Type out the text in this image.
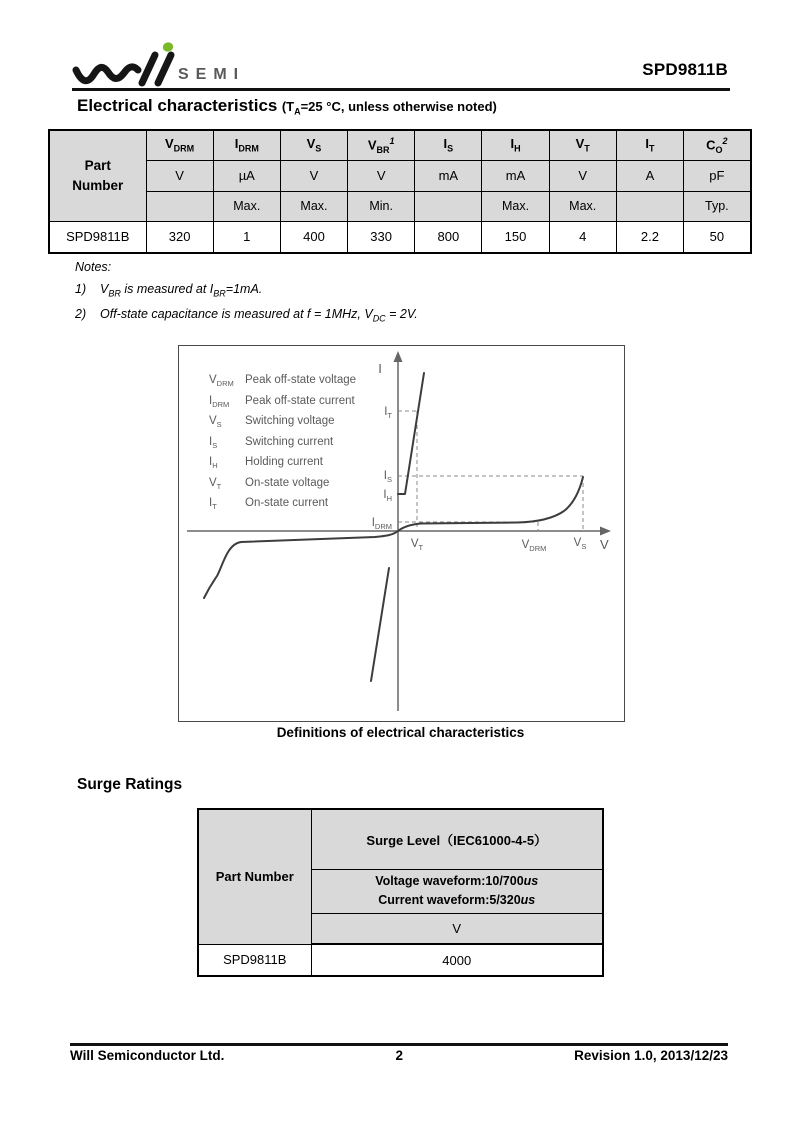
SEMI	SPD9811B
Electrical characteristics ($T_A=25$ °C, unless otherwise noted)
Part Number	$V_{DRM}$	$I_{DRM}$	$V_S$	$V_{BR}^1$	$I_S$	$I_H$	$V_T$	$I_T$	$C_O^2$
	V	µA	V	V	mA	mA	V	A	pF
		Max.	Max.	Min.		Max.	Max.		Typ.
SPD9811B	320	1	400	330	800	150	4	2.2	50
Notes:
1) $V_{BR}$ is measured at $I_{BR}=1mA$.
2) Off-state capacitance is measured at f = 1MHz, $V_{DC} = 2V$.
I
V
$I_T$
$I_S$
$I_H$
$I_{DRM}$
$V_T$	$V_{DRM}$ $V_S$
$V_{DRM}$ Peak off-state voltage
$I_{DRM}$ Peak off-state current
$V_S$ Switching voltage
$I_S$ Switching current
$I_H$ Holding current
$V_T$ On-state voltage
$I_T$ On-state current
Definitions of electrical characteristics
Surge Ratings
Part Number	Surge Level（IEC61000-4-5）

	Voltage waveform:10/700us
Current waveform:5/320us

	V
SPD9811B	4000
Will Semiconductor Ltd.	2	Revision 1.0, 2013/12/23
